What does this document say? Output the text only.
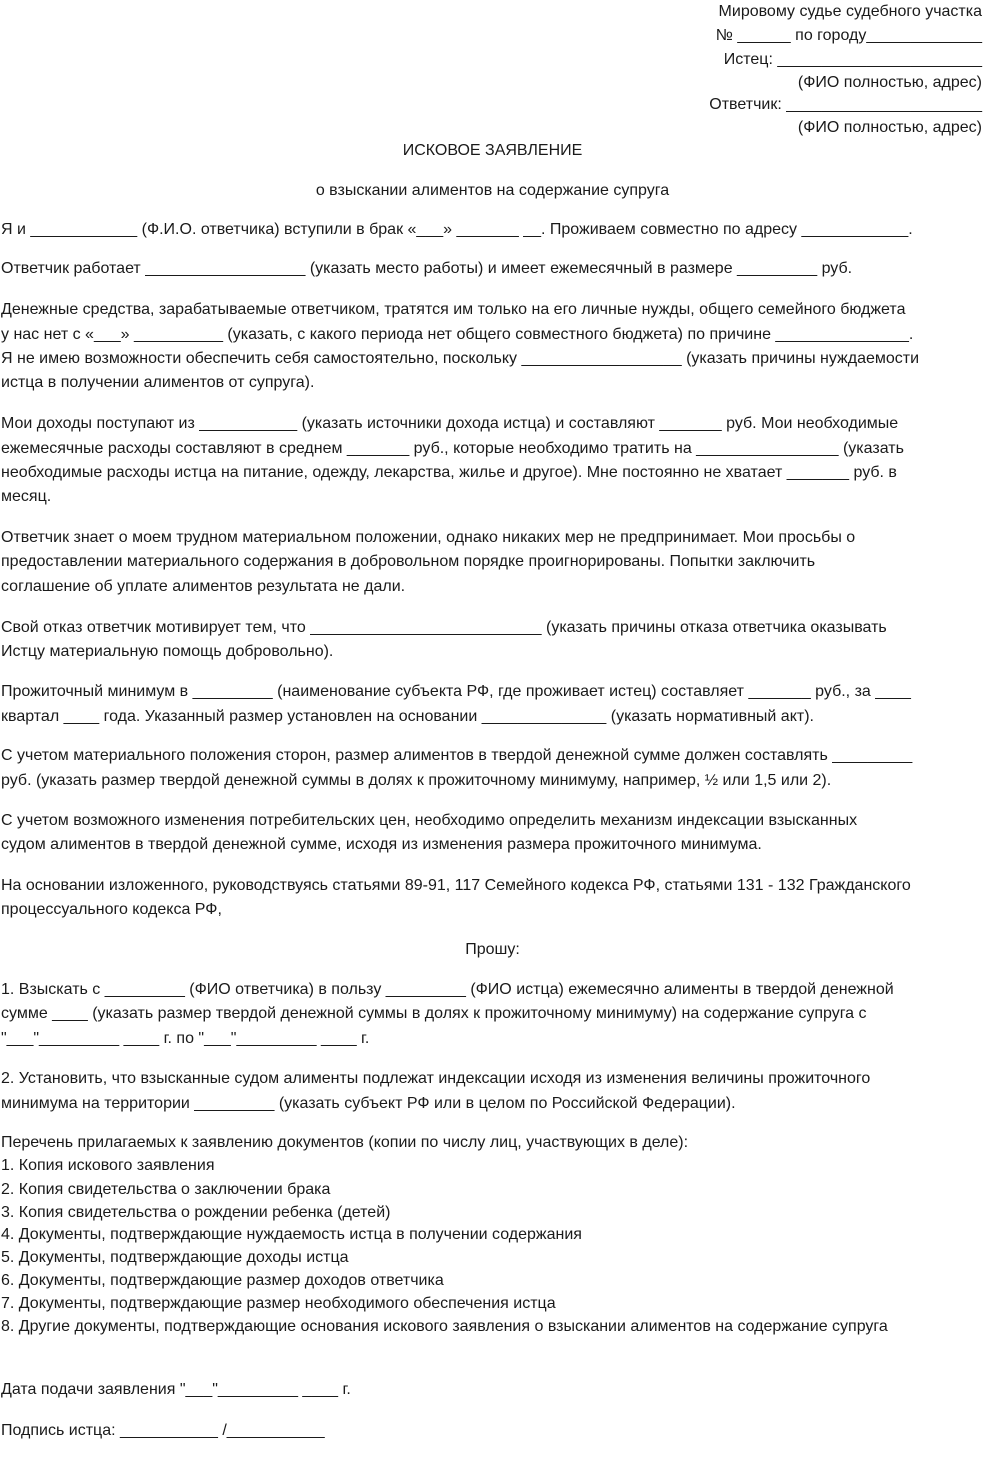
Мировому судье судебного участка

№ ______ по городу_____________

Истец: _______________________

(ФИО полностью, адрес)

Ответчик: ______________________

(ФИО полностью, адрес)

ИСКОВОЕ ЗАЯВЛЕНИЕ

о взыскании алиментов на содержание супруга

Я и ____________ (Ф.И.О. ответчика) вступили в брак «___» _______ __. Проживаем совместно по адресу ____________.

Ответчик работает __________________ (указать место работы) и имеет ежемесячный в размере _________ руб.

Денежные средства, зарабатываемые ответчиком, тратятся им только на его личные нужды, общего семейного бюджета

у нас нет с «___» __________ (указать, с какого периода нет общего совместного бюджета) по причине _______________.

Я не имею возможности обеспечить себя самостоятельно, поскольку __________________ (указать причины нуждаемости

истца в получении алиментов от супруга).

Мои доходы поступают из ___________ (указать источники дохода истца) и составляют _______ руб. Мои необходимые

ежемесячные расходы составляют в среднем _______ руб., которые необходимо тратить на ________________ (указать

необходимые расходы истца на питание, одежду, лекарства, жилье и другое). Мне постоянно не хватает _______ руб. в

месяц.

Ответчик знает о моем трудном материальном положении, однако никаких мер не предпринимает. Мои просьбы о

предоставлении материального содержания в добровольном порядке проигнорированы. Попытки заключить

соглашение об уплате алиментов результата не дали.

Свой отказ ответчик мотивирует тем, что __________________________ (указать причины отказа ответчика оказывать

Истцу материальную помощь добровольно).

Прожиточный минимум в _________ (наименование субъекта РФ, где проживает истец) составляет _______ руб., за ____

квартал ____ года. Указанный размер установлен на основании ______________ (указать нормативный акт).

С учетом материального положения сторон, размер алиментов в твердой денежной сумме должен составлять _________

руб. (указать размер твердой денежной суммы в долях к прожиточному минимуму, например, ½ или 1,5 или 2).

С учетом возможного изменения потребительских цен, необходимо определить механизм индексации взысканных

судом алиментов в твердой денежной сумме, исходя из изменения размера прожиточного минимума.

На основании изложенного, руководствуясь статьями 89-91, 117 Семейного кодекса РФ, статьями 131 - 132 Гражданского

процессуального кодекса РФ,

Прошу:

1. Взыскать с _________ (ФИО ответчика) в пользу _________ (ФИО истца) ежемесячно алименты в твердой денежной

сумме ____ (указать размер твердой денежной суммы в долях к прожиточному минимуму) на содержание супруга с

"___"_________ ____ г. по "___"_________ ____ г.

2. Установить, что взысканные судом алименты подлежат индексации исходя из изменения величины прожиточного

минимума на территории _________ (указать субъект РФ или в целом по Российской Федерации).

Перечень прилагаемых к заявлению документов (копии по числу лиц, участвующих в деле):

1. Копия искового заявления

2. Копия свидетельства о заключении брака

3. Копия свидетельства о рождении ребенка (детей)

4. Документы, подтверждающие нуждаемость истца в получении содержания

5. Документы, подтверждающие доходы истца

6. Документы, подтверждающие размер доходов ответчика

7. Документы, подтверждающие размер необходимого обеспечения истца

8. Другие документы, подтверждающие основания искового заявления о взыскании алиментов на содержание супруга

Дата подачи заявления "___"_________ ____ г.

Подпись истца: ___________ /___________
